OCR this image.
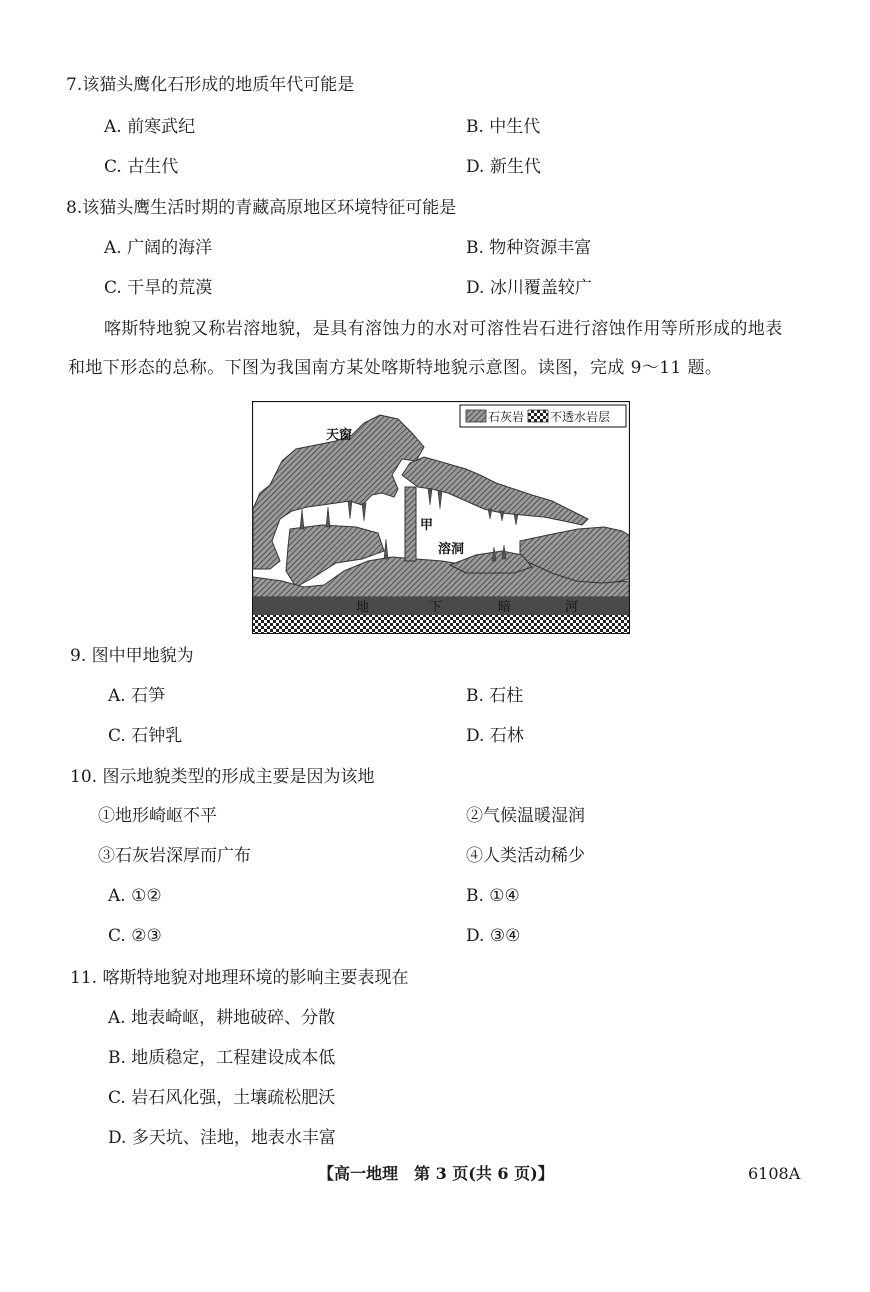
7.该猫头鹰化石形成的地质年代可能是
A. 前寒武纪	B. 中生代
C. 古生代	D. 新生代
8.该猫头鹰生活时期的青藏高原地区环境特征可能是
A. 广阔的海洋	B. 物种资源丰富
C. 干旱的荒漠	D. 冰川覆盖较广
喀斯特地貌又称岩溶地貌，是具有溶蚀力的水对可溶性岩石进行溶蚀作用等所形成的地表
和地下形态的总称。下图为我国南方某处喀斯特地貌示意图。读图，完成 9～11 题。
地	下	暗	河
天窗
甲
溶洞
石灰岩 不透水岩层
9. 图中甲地貌为
A. 石笋	B. 石柱
C. 石钟乳	D. 石林
10. 图示地貌类型的形成主要是因为该地
①地形崎岖不平	②气候温暖湿润
③石灰岩深厚而广布	④人类活动稀少
A. ①②	B. ①④
C. ②③	D. ③④
11. 喀斯特地貌对地理环境的影响主要表现在
A. 地表崎岖，耕地破碎、分散
B. 地质稳定，工程建设成本低
C. 岩石风化强，土壤疏松肥沃
D. 多天坑、洼地，地表水丰富
【高一地理　第 3 页(共 6 页)】	6108A
